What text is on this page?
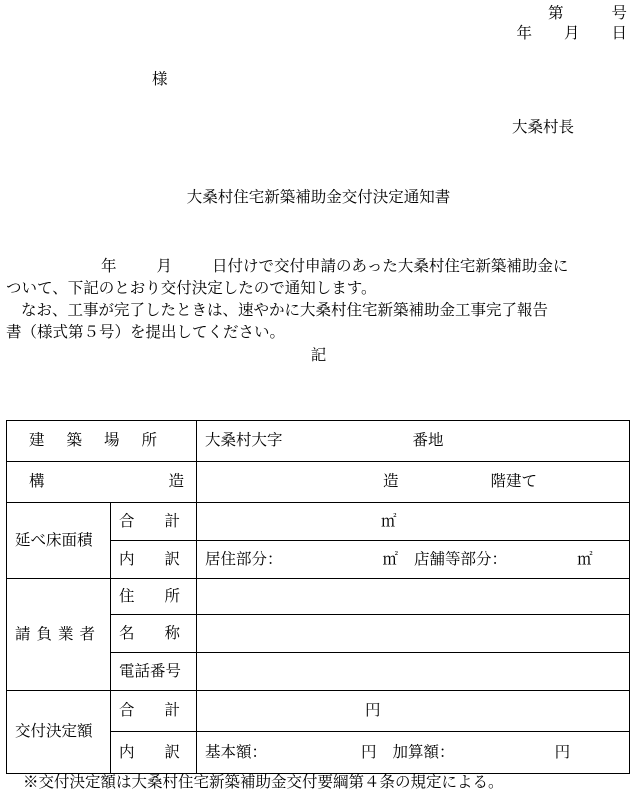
第	号
年 月 日
様
大桑村長
大桑村住宅新築補助金交付決定通知書
年	月	日付けで交付申請のあった大桑村住宅新築補助金に
ついて、下記のとおり交付決定したので通知します。
なお、工事が完了したときは、速やかに大桑村住宅新築補助金工事完了報告
書（様式第５号）を提出してください。
記
建築場所		大桑村大字 番地

構造		造 階建て
延べ床面積	合計	㎡
	内訳	居住部分： ㎡ 店舗等部分： ㎡
請負業者	住所	
	名称	
	電話番号	
交付決定額	合計	円
	内訳	基本額： 円 加算額： 円
※交付決定額は大桑村住宅新築補助金交付要綱第４条の規定による。
